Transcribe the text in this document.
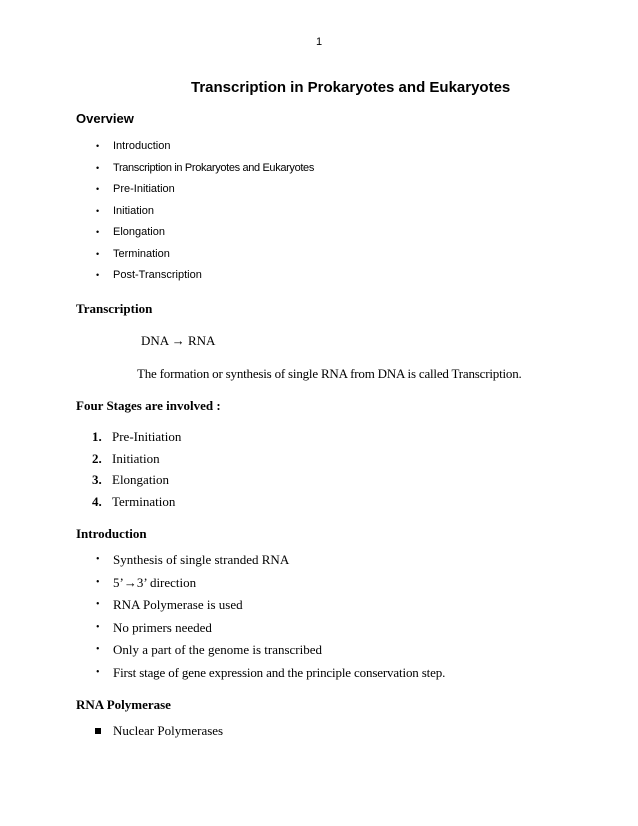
1
Transcription in Prokaryotes and Eukaryotes
Overview
• Introduction
• Transcription in Prokaryotes and Eukaryotes
• Pre-Initiation
• Initiation
• Elongation
• Termination
• Post-Transcription
Transcription
DNA → RNA
The formation or synthesis of single RNA from DNA is called Transcription.
Four Stages are involved :
1. Pre-Initiation
2. Initiation
3. Elongation
4. Termination
Introduction
• Synthesis of single stranded RNA
• 5’→3’ direction
• RNA Polymerase is used
• No primers needed
• Only a part of the genome is transcribed
• First stage of gene expression and the principle conservation step.
RNA Polymerase
Nuclear Polymerases
